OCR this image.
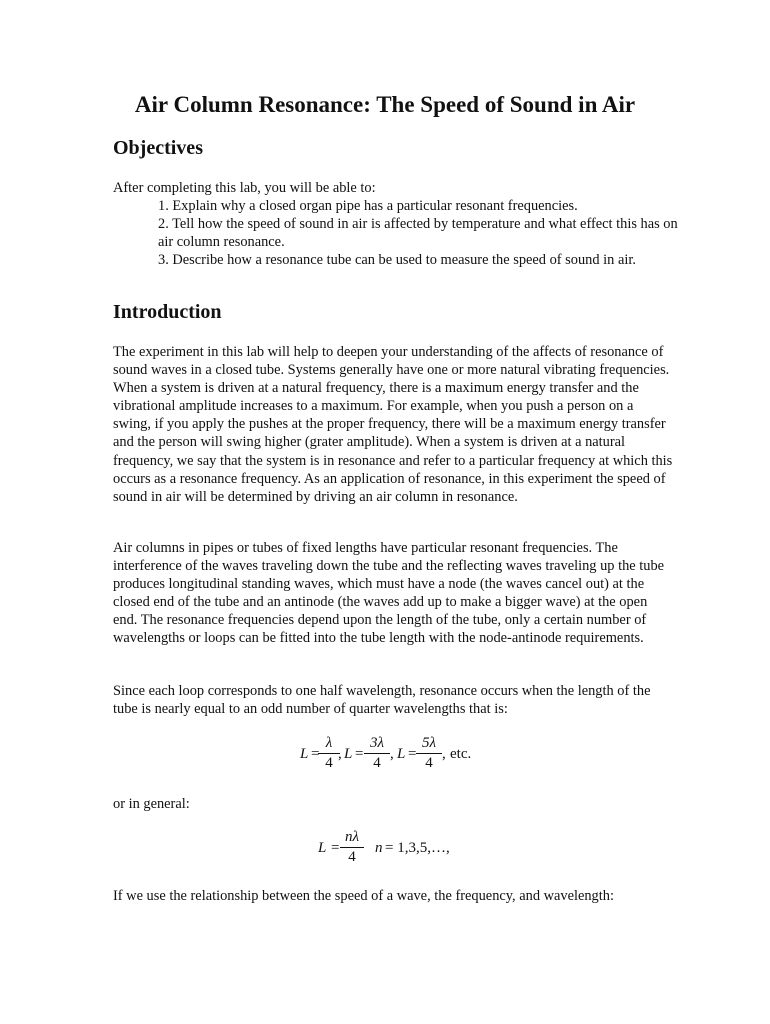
Air Column Resonance: The Speed of Sound in Air
Objectives

After completing this lab, you will be able to:

1. Explain why a closed organ pipe has a particular resonant frequencies.

2. Tell how the speed of sound in air is affected by temperature and what effect this has on air column resonance.

3. Describe how a resonance tube can be used to measure the speed of sound in air.

Introduction

The experiment in this lab will help to deepen your understanding of the affects of resonance of sound waves in a closed tube. Systems generally have one or more natural vibrating frequencies. When a system is driven at a natural frequency, there is a maximum energy transfer and the vibrational amplitude increases to a maximum. For example, when you push a person on a swing, if you apply the pushes at the proper frequency, there will be a maximum energy transfer and the person will swing higher (grater amplitude). When a system is driven at a natural frequency, we say that the system is in resonance and refer to a particular frequency at which this occurs as a resonance frequency. As an application of resonance, in this experiment the speed of sound in air will be determined by driving an air column in resonance.

Air columns in pipes or tubes of fixed lengths have particular resonant frequencies. The interference of the waves traveling down the tube and the reflecting waves traveling up the tube produces longitudinal standing waves, which must have a node (the waves cancel out) at the closed end of the tube and an antinode (the waves add up to make a bigger wave) at the open end. The resonance frequencies depend upon the length of the tube, only a certain number of wavelengths or loops can be fitted into the tube length with the node-antinode requirements.

Since each loop corresponds to one half wavelength, resonance occurs when the length of the tube is nearly equal to an odd number of quarter wavelengths that is:

L =
λ
4
, L =
3λ
4
, L =
5λ
4
, etc.

or in general:

L =
nλ
4
n = 1,3,5,…,

If we use the relationship between the speed of a wave, the frequency, and wavelength:
